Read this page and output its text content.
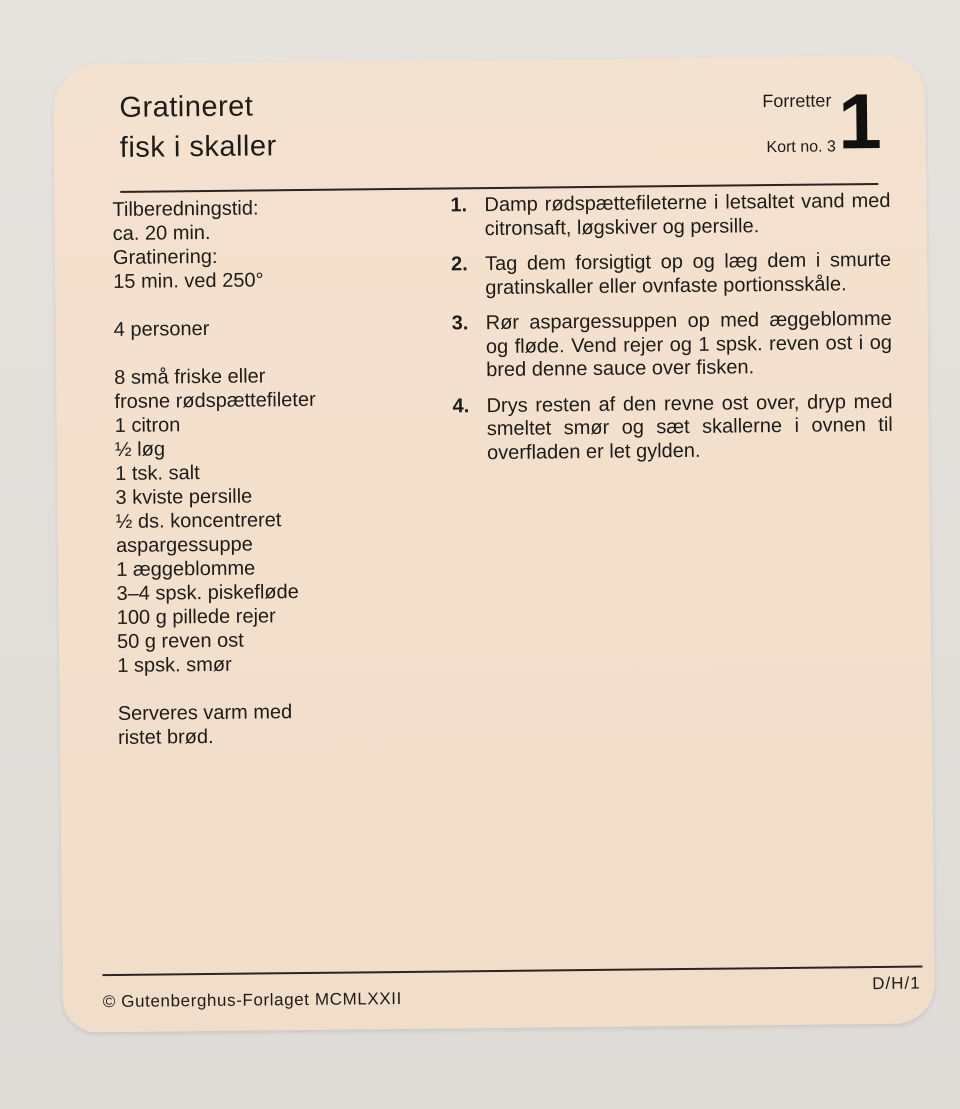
Gratineret
fisk i skaller
Forretter
Kort no. 3 1
Tilberedningstid:
ca. 20 min.
Gratinering:
15 min. ved 250°
4 personer
8 små friske eller
frosne rødspættefileter
1 citron
½ løg
1 tsk. salt
3 kviste persille
½ ds. koncentreret
aspargessuppe
1 æggeblomme
3–4 spsk. piskefløde
100 g pillede rejer
50 g reven ost
1 spsk. smør
Serveres varm med
ristet brød.
1. Damp rødspættefileterne i letsaltet vand med citronsaft, løgskiver og persille.
2. Tag dem forsigtigt op og læg dem i smurte gratinskaller eller ovnfaste portionsskåle.
3. Rør aspargessuppen op med æggeblomme og fløde. Vend rejer og 1 spsk. reven ost i og bred denne sauce over fisken.
4. Drys resten af den revne ost over, dryp med smeltet smør og sæt skallerne i ovnen til overfladen er let gylden.
© Gutenberghus-Forlaget MCMLXXII
D/H/1
